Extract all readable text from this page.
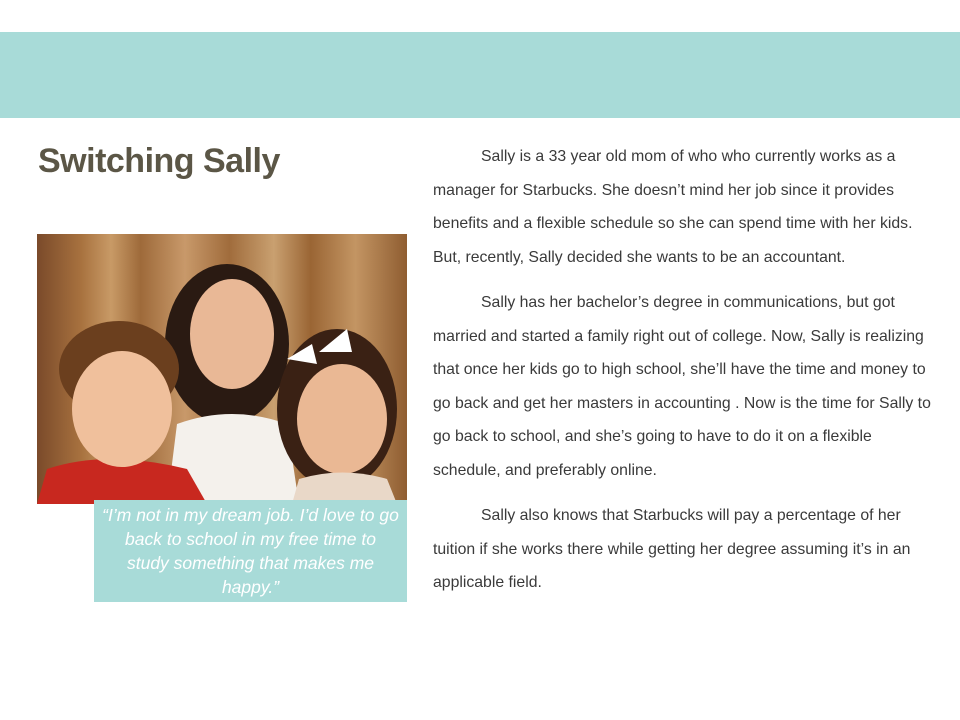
Switching Sally

“I’m not in my dream job. I’d love to go back to school in my free time to study something that makes me happy.”

Sally is a 33 year old mom of who who currently works as a manager for Starbucks. She doesn’t mind her job since it provides benefits and a flexible schedule so she can spend time with her kids. But, recently, Sally decided she wants to be an accountant.

Sally has her bachelor’s degree in communications, but got married and started a family right out of college. Now, Sally is realizing that once her kids go to high school, she’ll have the time and money to go back and get her masters in accounting . Now is the time for Sally to go back to school, and she’s going to have to do it on a flexible schedule, and preferably online.

Sally also knows that Starbucks will pay a percentage of her tuition if she works there while getting her degree assuming it’s in an applicable field.
